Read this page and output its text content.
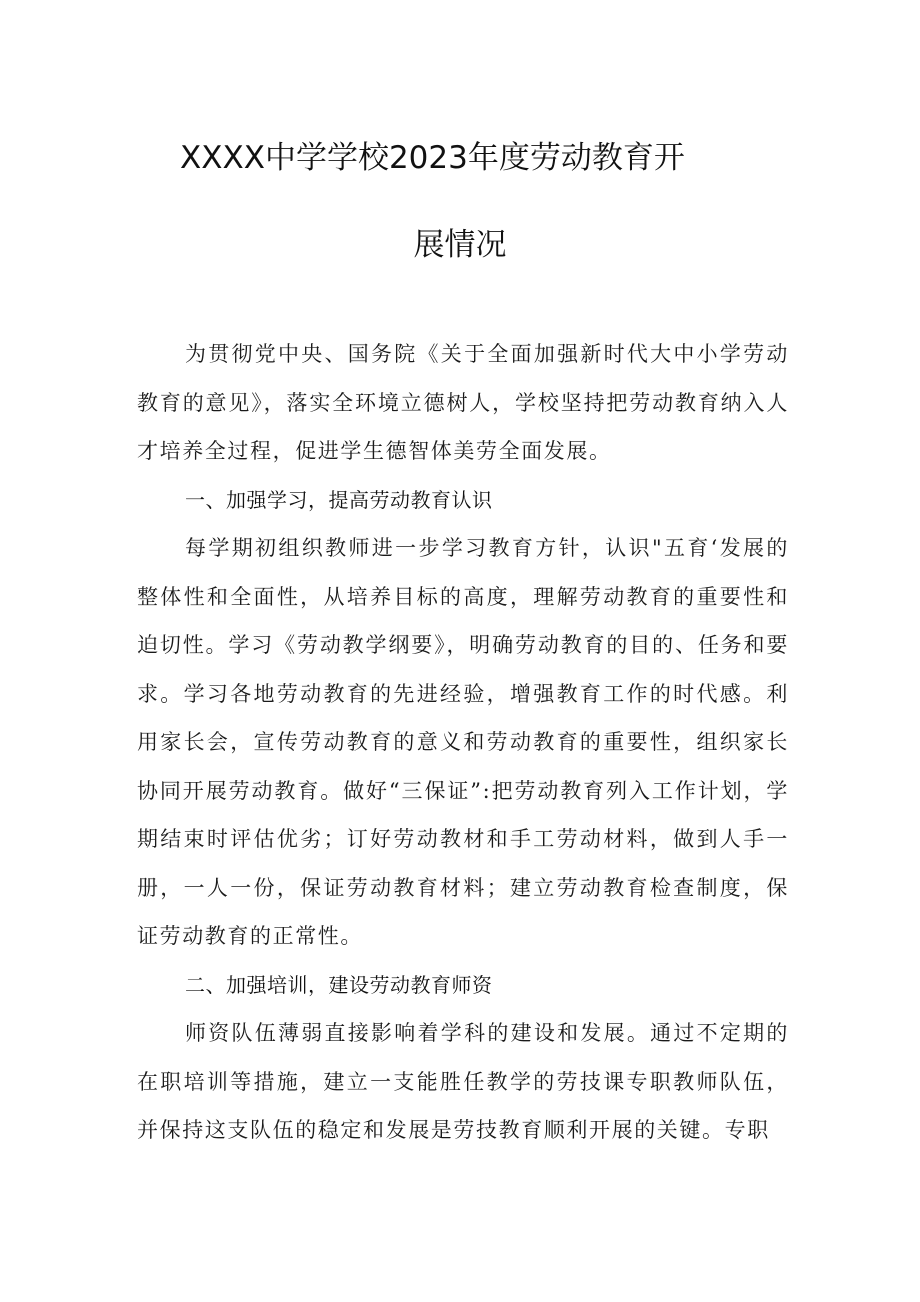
XXXX中学学校2023年度劳动教育开
展情况

为贯彻党中央、国务院《关于全面加强新时代大中小学劳动教育的意见》，落实全环境立德树人，学校坚持把劳动教育纳入人才培养全过程，促进学生德智体美劳全面发展。

一、加强学习，提高劳动教育认识

每学期初组织教师进一步学习教育方针，认识"五育‘发展的整体性和全面性，从培养目标的高度，理解劳动教育的重要性和迫切性。学习《劳动教学纲要》，明确劳动教育的目的、任务和要求。学习各地劳动教育的先进经验，增强教育工作的时代感。利用家长会，宣传劳动教育的意义和劳动教育的重要性，组织家长协同开展劳动教育。做好“三保证”:把劳动教育列入工作计划，学期结束时评估优劣；订好劳动教材和手工劳动材料，做到人手一册，一人一份，保证劳动教育材料；建立劳动教育检查制度，保证劳动教育的正常性。

二、加强培训，建设劳动教育师资

师资队伍薄弱直接影响着学科的建设和发展。通过不定期的在职培训等措施，建立一支能胜任教学的劳技课专职教师队伍，并保持这支队伍的稳定和发展是劳技教育顺利开展的关键。专职
